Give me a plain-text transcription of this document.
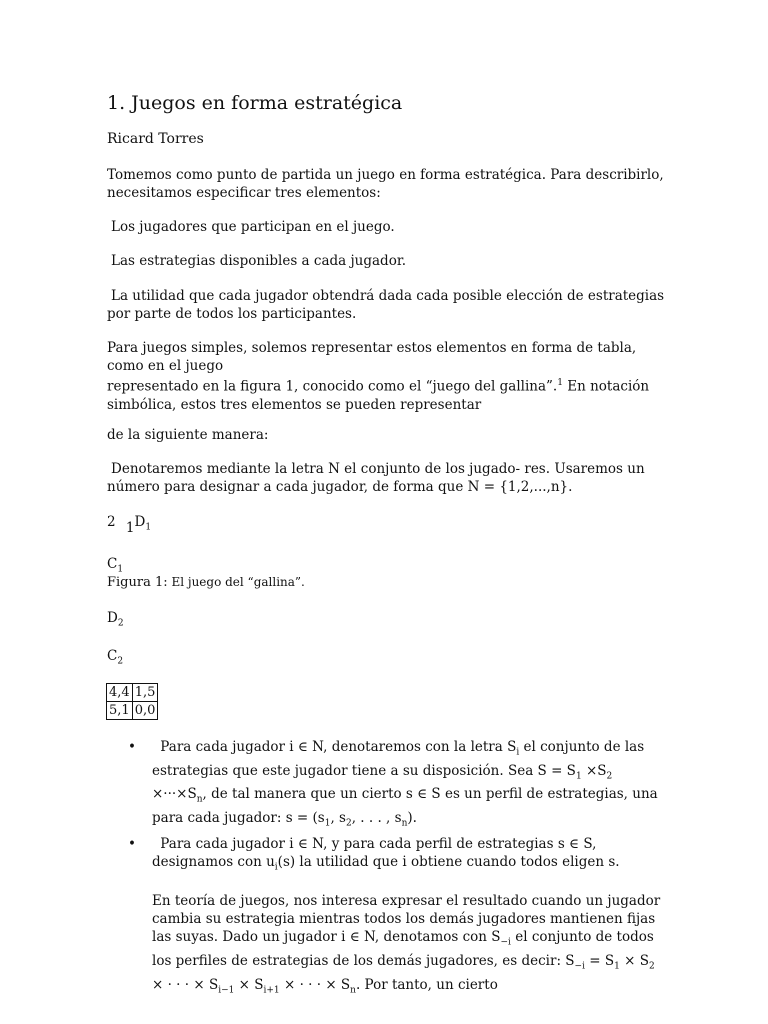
1. Juegos en forma estratégica
Ricard Torres
Tomemos como punto de partida un juego en forma estratégica. Para describirlo, necesitamos especificar tres elementos:
Los jugadores que participan en el juego.
Las estrategias disponibles a cada jugador.
La utilidad que cada jugador obtendrá dada cada posible elección de estrategias por parte de todos los participantes.
Para juegos simples, solemos representar estos elementos en forma de tabla, como en el juego
representado en la figura 1, conocido como el “juego del gallina”.$^1$ En notación simbólica, estos tres elementos se pueden representar
de la siguiente manera:
Denotaremos mediante la letra N el conjunto de los jugado- res. Usaremos un número para designar a cada jugador, de forma que N = {1,2,...,n}.
2 $1D_1$
$C_1$
Figura 1: El juego del “gallina”.
$D_2$
$C_2$
4,4	1,5
5,1	0,0
• Para cada jugador i ∈ N, denotaremos con la letra $S_i$ el conjunto de las estrategias que este jugador tiene a su disposición. Sea $S = S_1 \times S_2 \times\cdot\cdot\cdot\times S_n$, de tal manera que un cierto s ∈ S es un perfil de estrategias, una para cada jugador: $s = (s_1$, $s_2$, . . . , $s_n$).
• Para cada jugador i ∈ N, y para cada perfil de estrategias s ∈ S, designamos con $u_i(s)$ la utilidad que i obtiene cuando todos eligen s.
En teoría de juegos, nos interesa expresar el resultado cuando un jugador cambia su estrategia mientras todos los demás jugadores mantienen fijas las suyas. Dado un jugador i ∈ N, denotamos con $S_{-i}$ el conjunto de todos los perfiles de estrategias de los demás jugadores, es decir: $S_{-i} = S_1 \times S_2$ × · · · × $S_{i-1} \times S_{i+1}$ × · · · × $S_n$. Por tanto, un cierto
